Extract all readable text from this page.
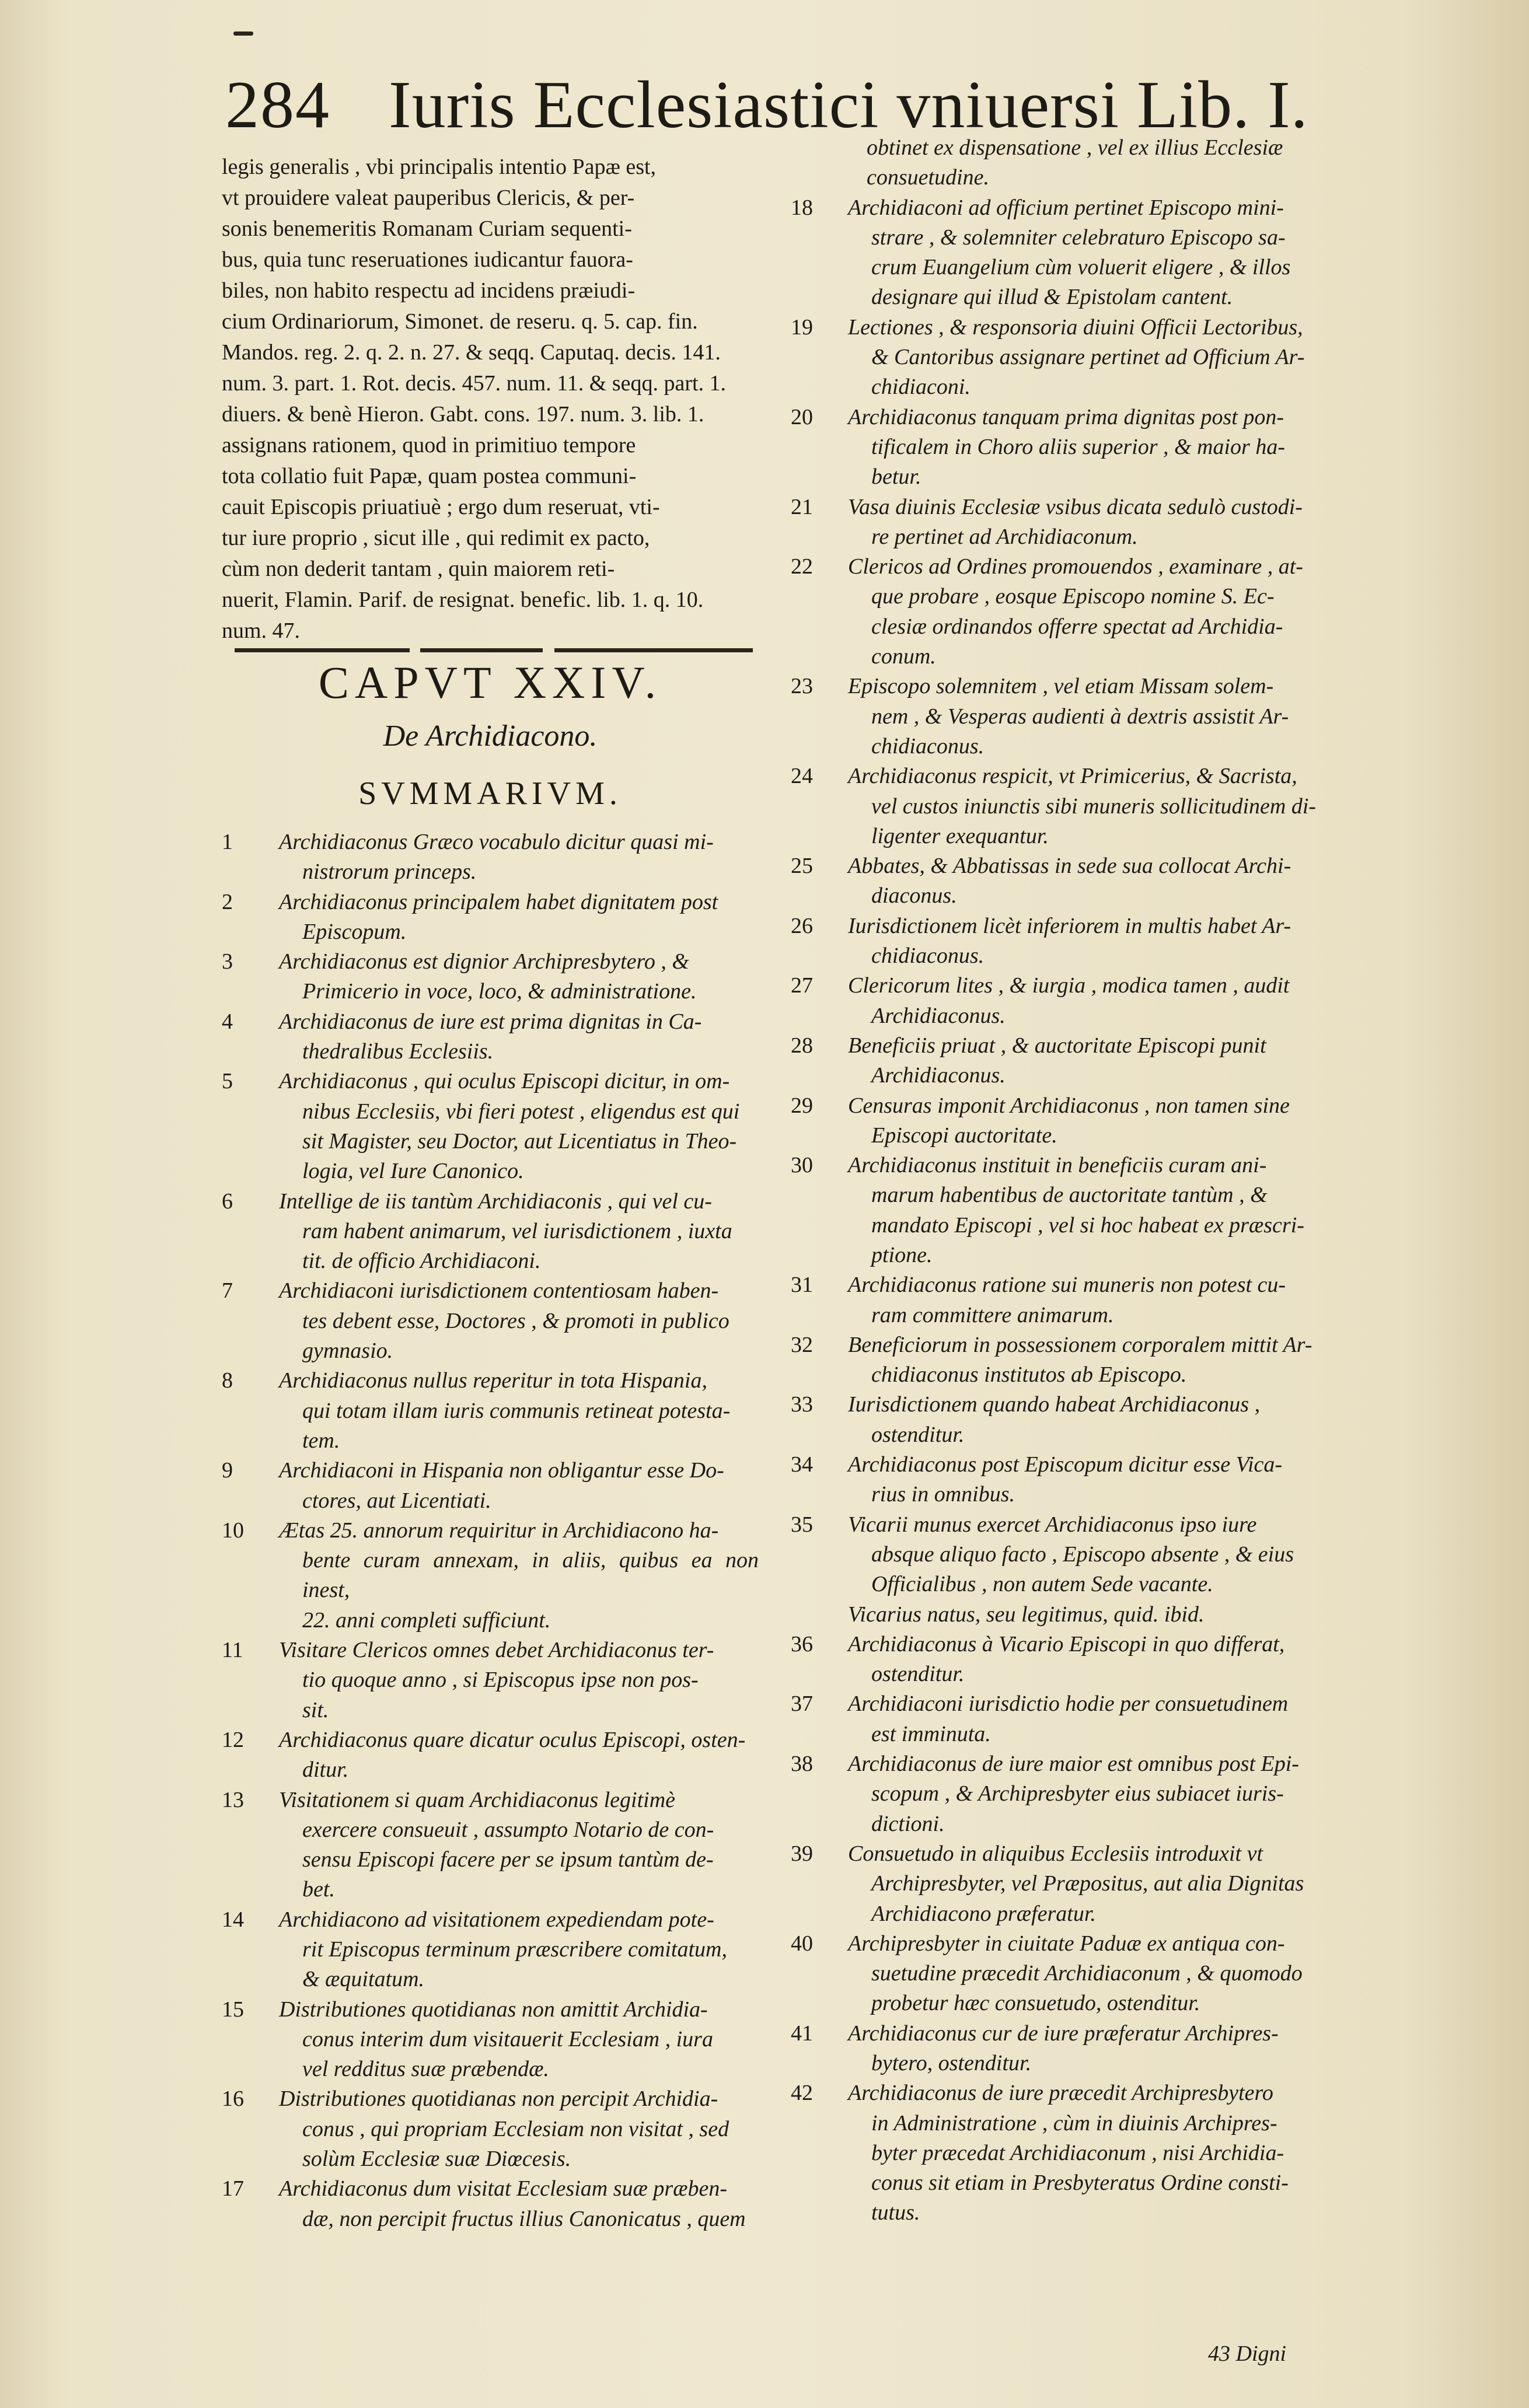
284 Iuris Ecclesiastici vniuersi Lib. I.

legis generalis , vbi principalis intentio Papæ est,

vt prouidere valeat pauperibus Clericis, & per-

sonis benemeritis Romanam Curiam sequenti-

bus, quia tunc reseruationes iudicantur fauora-

biles, non habito respectu ad incidens præiudi-

cium Ordinariorum, Simonet. de reseru. q. 5. cap. fin.

Mandos. reg. 2. q. 2. n. 27. & seqq. Caputaq. decis. 141.

num. 3. part. 1. Rot. decis. 457. num. 11. & seqq. part. 1.

diuers. & benè Hieron. Gabt. cons. 197. num. 3. lib. 1.

assignans rationem, quod in primitiuo tempore

tota collatio fuit Papæ, quam postea communi-

cauit Episcopis priuatiuè ; ergo dum reseruat, vti-

tur iure proprio , sicut ille , qui redimit ex pacto,

cùm non dederit tantam , quin maiorem reti-

nuerit, Flamin. Parif. de resignat. benefic. lib. 1. q. 10.

num. 47.

CAPVT XXIV.
De Archidiacono.
SVMMARIVM.
1	Archidiaconus Græco vocabulo dicitur quasi mi-
nistrorum princeps.
2	Archidiaconus principalem habet dignitatem post
Episcopum.
3	Archidiaconus est dignior Archipresbytero , &
Primicerio in voce, loco, & administratione.
4	Archidiaconus de iure est prima dignitas in Ca-
thedralibus Ecclesiis.
5	Archidiaconus , qui oculus Episcopi dicitur, in om-
nibus Ecclesiis, vbi fieri potest , eligendus est qui
sit Magister, seu Doctor, aut Licentiatus in Theo-
logia, vel Iure Canonico.
6	Intellige de iis tantùm Archidiaconis , qui vel cu-
ram habent animarum, vel iurisdictionem , iuxta
tit. de officio Archidiaconi.
7	Archidiaconi iurisdictionem contentiosam haben-
tes debent esse, Doctores , & promoti in publico
gymnasio.
8	Archidiaconus nullus reperitur in tota Hispania,
qui totam illam iuris communis retineat potesta-
tem.
9	Archidiaconi in Hispania non obligantur esse Do-
ctores, aut Licentiati.
10	Ætas 25. annorum requiritur in Archidiacono ha-
bente curam annexam, in aliis, quibus ea non inest,
22. anni completi sufficiunt.
11	Visitare Clericos omnes debet Archidiaconus ter-
tio quoque anno , si Episcopus ipse non pos-
sit.
12	Archidiaconus quare dicatur oculus Episcopi, osten-
ditur.
13	Visitationem si quam Archidiaconus legitimè
exercere consueuit , assumpto Notario de con-
sensu Episcopi facere per se ipsum tantùm de-
bet.
14	Archidiacono ad visitationem expediendam pote-
rit Episcopus terminum præscribere comitatum,
& æquitatum.
15	Distributiones quotidianas non amittit Archidia-
conus interim dum visitauerit Ecclesiam , iura
vel redditus suæ præbendæ.
16	Distributiones quotidianas non percipit Archidia-
conus , qui propriam Ecclesiam non visitat , sed
solùm Ecclesiæ suæ Diœcesis.
17	Archidiaconus dum visitat Ecclesiam suæ præben-
dæ, non percipit fructus illius Canonicatus , quem
obtinet ex dispensatione , vel ex illius Ecclesiæ
consuetudine.
18	Archidiaconi ad officium pertinet Episcopo mini-
strare , & solemniter celebraturo Episcopo sa-
crum Euangelium cùm voluerit eligere , & illos
designare qui illud & Epistolam cantent.
19	Lectiones , & responsoria diuini Officii Lectoribus,
& Cantoribus assignare pertinet ad Officium Ar-
chidiaconi.
20	Archidiaconus tanquam prima dignitas post pon-
tificalem in Choro aliis superior , & maior ha-
betur.
21	Vasa diuinis Ecclesiæ vsibus dicata sedulò custodi-
re pertinet ad Archidiaconum.
22	Clericos ad Ordines promouendos , examinare , at-
que probare , eosque Episcopo nomine S. Ec-
clesiæ ordinandos offerre spectat ad Archidia-
conum.
23	Episcopo solemnitem , vel etiam Missam solem-
nem , & Vesperas audienti à dextris assistit Ar-
chidiaconus.
24	Archidiaconus respicit, vt Primicerius, & Sacrista,
vel custos iniunctis sibi muneris sollicitudinem di-
ligenter exequantur.
25	Abbates, & Abbatissas in sede sua collocat Archi-
diaconus.
26	Iurisdictionem licèt inferiorem in multis habet Ar-
chidiaconus.
27	Clericorum lites , & iurgia , modica tamen , audit
Archidiaconus.
28	Beneficiis priuat , & auctoritate Episcopi punit
Archidiaconus.
29	Censuras imponit Archidiaconus , non tamen sine
Episcopi auctoritate.
30	Archidiaconus instituit in beneficiis curam ani-
marum habentibus de auctoritate tantùm , &
mandato Episcopi , vel si hoc habeat ex præscri-
ptione.
31	Archidiaconus ratione sui muneris non potest cu-
ram committere animarum.
32	Beneficiorum in possessionem corporalem mittit Ar-
chidiaconus institutos ab Episcopo.
33	Iurisdictionem quando habeat Archidiaconus ,
ostenditur.
34	Archidiaconus post Episcopum dicitur esse Vica-
rius in omnibus.
35	Vicarii munus exercet Archidiaconus ipso iure
absque aliquo facto , Episcopo absente , & eius
Officialibus , non autem Sede vacante.
Vicarius natus, seu legitimus, quid. ibid.
36	Archidiaconus à Vicario Episcopi in quo differat,
ostenditur.
37	Archidiaconi iurisdictio hodie per consuetudinem
est imminuta.
38	Archidiaconus de iure maior est omnibus post Epi-
scopum , & Archipresbyter eius subiacet iuris-
dictioni.
39	Consuetudo in aliquibus Ecclesiis introduxit vt
Archipresbyter, vel Præpositus, aut alia Dignitas
Archidiacono præferatur.
40	Archipresbyter in ciuitate Paduæ ex antiqua con-
suetudine præcedit Archidiaconum , & quomodo
probetur hæc consuetudo, ostenditur.
41	Archidiaconus cur de iure præferatur Archipres-
bytero, ostenditur.
42	Archidiaconus de iure præcedit Archipresbytero
in Administratione , cùm in diuinis Archipres-
byter præcedat Archidiaconum , nisi Archidia-
conus sit etiam in Presbyteratus Ordine consti-
tutus.
43 Digni
